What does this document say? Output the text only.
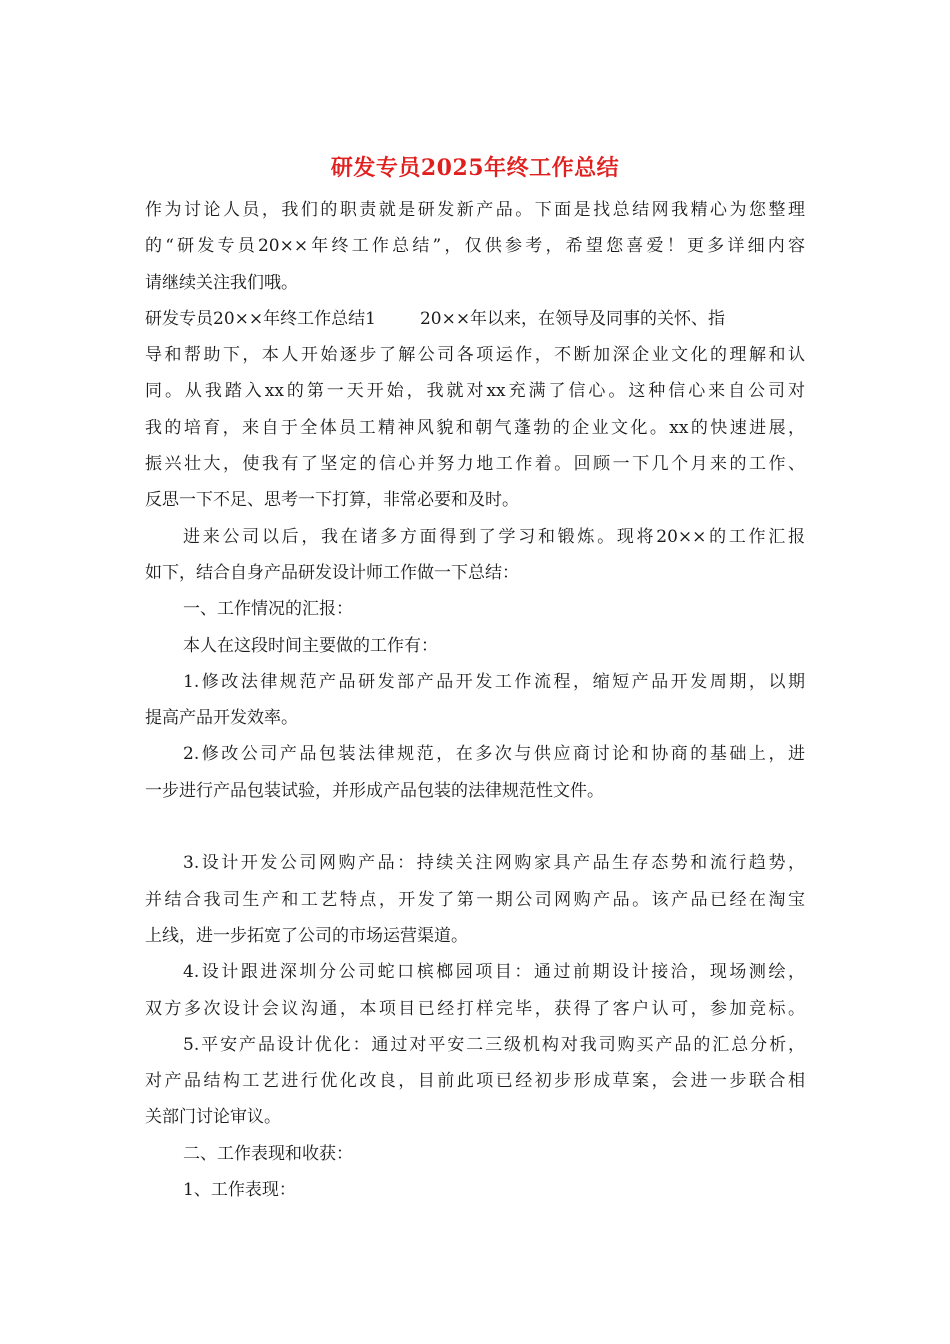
研发专员2025年终工作总结
作为讨论人员，我们的职责就是研发新产品。下面是找总结网我精心为您整理
的“研发专员20××年终工作总结”，仅供参考，希望您喜爱！更多详细内容
请继续关注我们哦。
研发专员20××年终工作总结1	20××年以来，在领导及同事的关怀、指
导和帮助下，本人开始逐步了解公司各项运作，不断加深企业文化的理解和认
同。从我踏入xx的第一天开始，我就对xx充满了信心。这种信心来自公司对
我的培育，来自于全体员工精神风貌和朝气蓬勃的企业文化。xx的快速进展，
振兴壮大，使我有了坚定的信心并努力地工作着。回顾一下几个月来的工作、
反思一下不足、思考一下打算，非常必要和及时。
进来公司以后，我在诸多方面得到了学习和锻炼。现将20××的工作汇报
如下，结合自身产品研发设计师工作做一下总结：
一、工作情况的汇报：
本人在这段时间主要做的工作有：
1.修改法律规范产品研发部产品开发工作流程，缩短产品开发周期，以期
提高产品开发效率。
2.修改公司产品包装法律规范，在多次与供应商讨论和协商的基础上，进
一步进行产品包装试验，并形成产品包装的法律规范性文件。
3.设计开发公司网购产品：持续关注网购家具产品生存态势和流行趋势，
并结合我司生产和工艺特点，开发了第一期公司网购产品。该产品已经在淘宝
上线，进一步拓宽了公司的市场运营渠道。
4.设计跟进深圳分公司蛇口槟榔园项目：通过前期设计接洽，现场测绘，
双方多次设计会议沟通，本项目已经打样完毕，获得了客户认可，参加竞标。
5.平安产品设计优化：通过对平安二三级机构对我司购买产品的汇总分析，
对产品结构工艺进行优化改良，目前此项已经初步形成草案，会进一步联合相
关部门讨论审议。
二、工作表现和收获：
1、工作表现：
